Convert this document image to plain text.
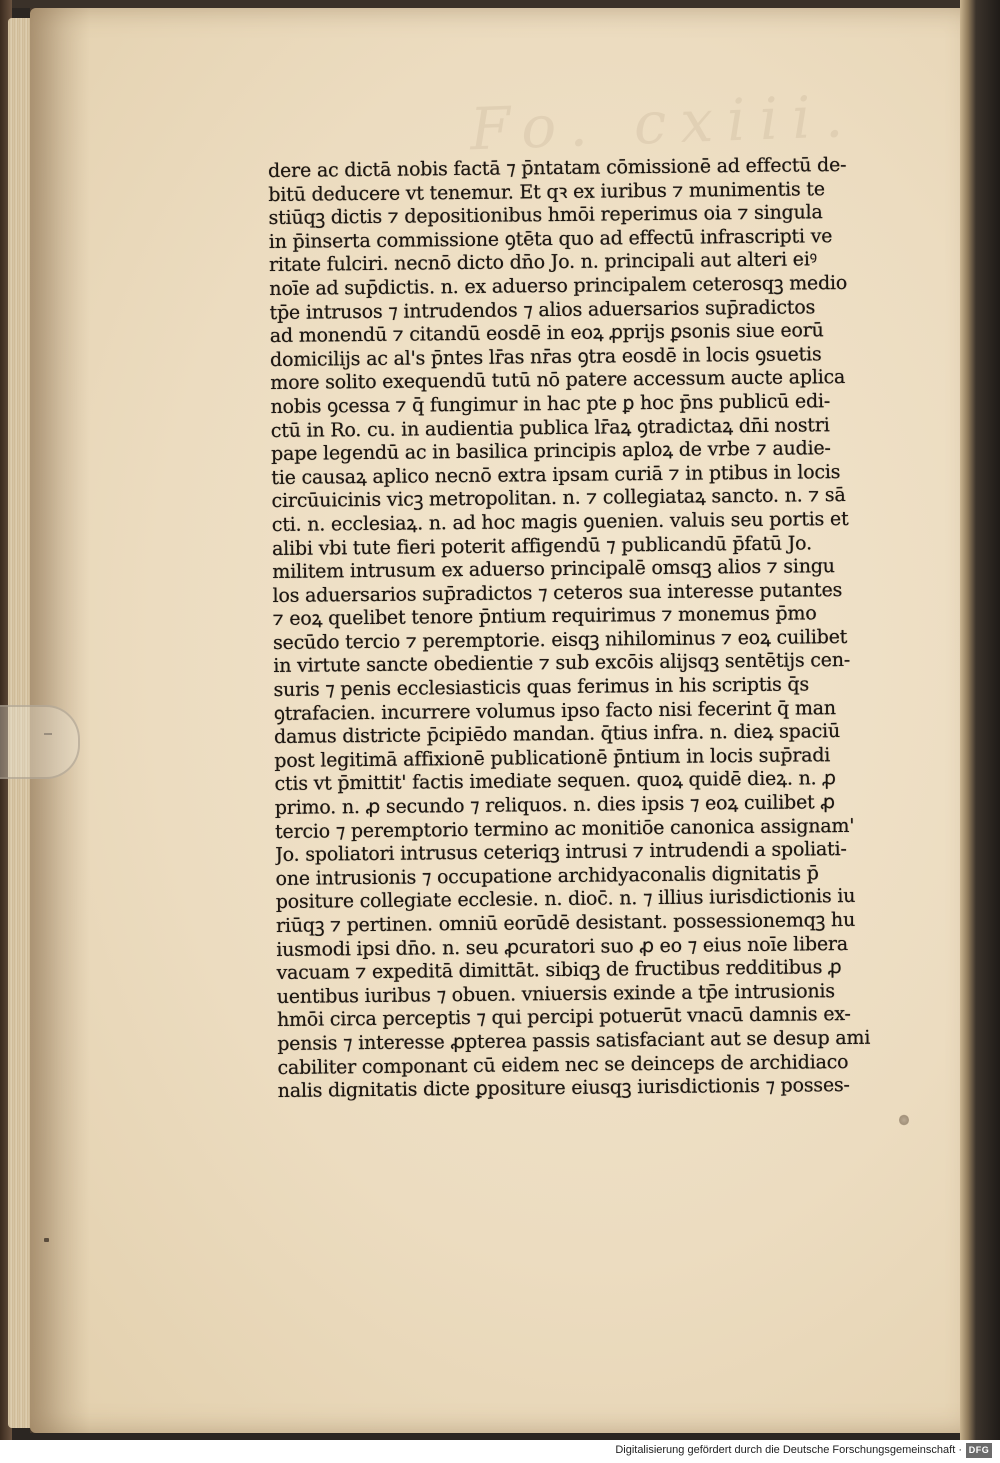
Fo. cxiii.
dere ac dictā nobis factā ⁊ p̄ntatam cōmissionē ad effectū de-
bitū deducere vt tenemur. Et qꝛ ex iuribus ⁊ munimentis te
stiūqꝫ dictis ⁊ depositionibus hmōi reperimus oia ⁊ singula
in p̄inserta commissione ꝯtēta quo ad effectū infrascripti ve
ritate fulciri. necnō dicto dn̄o Jo. n. principali aut alteri eiꝰ
noīe ad sup̄dictis. n. ex aduerso principalem ceterosqꝫ medio
tp̄e intrusos ⁊ intrudendos ⁊ alios aduersarios sup̄radictos
ad monendū ⁊ citandū eosdē in eoꝝ ꝓprijs ꝑsonis siue eorū
domicilijs ac al's p̄ntes lr̄as nr̄as ꝯtra eosdē in locis ꝯsuetis
more solito exequendū tutū nō patere accessum aucte aplica
nobis ꝯcessa ⁊ q̄ fungimur in hac pte ꝑ hoc p̄ns publicū edi-
ctū in Ro. cu. in audientia publica lr̄aꝝ ꝯtradictaꝝ dn̄i nostri
pape legendū ac in basilica principis aploꝝ de vrbe ⁊ audie-
tie causaꝝ aplico necnō extra ipsam curiā ⁊ in ptibus in locis
circūuicinis vicꝫ metropolitan. n. ⁊ collegiataꝝ sancto. n. ⁊ sā
cti. n. ecclesiaꝝ. n. ad hoc magis ꝯuenien. valuis seu portis et
alibi vbi tute fieri poterit affigendū ⁊ publicandū p̄fatū Jo.
militem intrusum ex aduerso principalē omsqꝫ alios ⁊ singu
los aduersarios sup̄radictos ⁊ ceteros sua interesse putantes
⁊ eoꝝ quelibet tenore p̄ntium requirimus ⁊ monemus p̄mo
secūdo tercio ⁊ peremptorie. eisqꝫ nihilominus ⁊ eoꝝ cuilibet
in virtute sancte obedientie ⁊ sub excōis alijsqꝫ sentētijs cen-
suris ⁊ penis ecclesiasticis quas ferimus in his scriptis q̄s
ꝯtrafacien. incurrere volumus ipso facto nisi fecerint q̄ man
damus districte p̄cipiēdo mandan. q̄tius infra. n. dieꝝ spaciū
post legitimā affixionē publicationē p̄ntium in locis sup̄radi
ctis vt p̄mittit' factis imediate sequen. quoꝝ quidē dieꝝ. n. ꝓ
primo. n. ꝓ secundo ⁊ reliquos. n. dies ipsis ⁊ eoꝝ cuilibet ꝓ
tercio ⁊ peremptorio termino ac monitiōe canonica assignam'
Jo. spoliatori intrusus ceteriqꝫ intrusi ⁊ intrudendi a spoliati-
one intrusionis ⁊ occupatione archidyaconalis dignitatis p̄
positure collegiate ecclesie. n. dioc̄. n. ⁊ illius iurisdictionis iu
riūqꝫ ⁊ pertinen. omniū eorūdē desistant. possessionemqꝫ hu
iusmodi ipsi dn̄o. n. seu ꝓcuratori suo ꝓ eo ⁊ eius noīe libera
vacuam ⁊ expeditā dimittāt. sibiqꝫ de fructibus redditibus ꝓ
uentibus iuribus ⁊ obuen. vniuersis exinde a tp̄e intrusionis
hmōi circa perceptis ⁊ qui percipi potuerūt vnacū damnis ex-
pensis ⁊ interesse ꝓpterea passis satisfaciant aut se desup ami
cabiliter componant cū eidem nec se deinceps de archidiaco
nalis dignitatis dicte ꝑpositure eiusqꝫ iurisdictionis ⁊ posses-
Digitalisierung gefördert durch die Deutsche Forschungsgemeinschaft · DFG
